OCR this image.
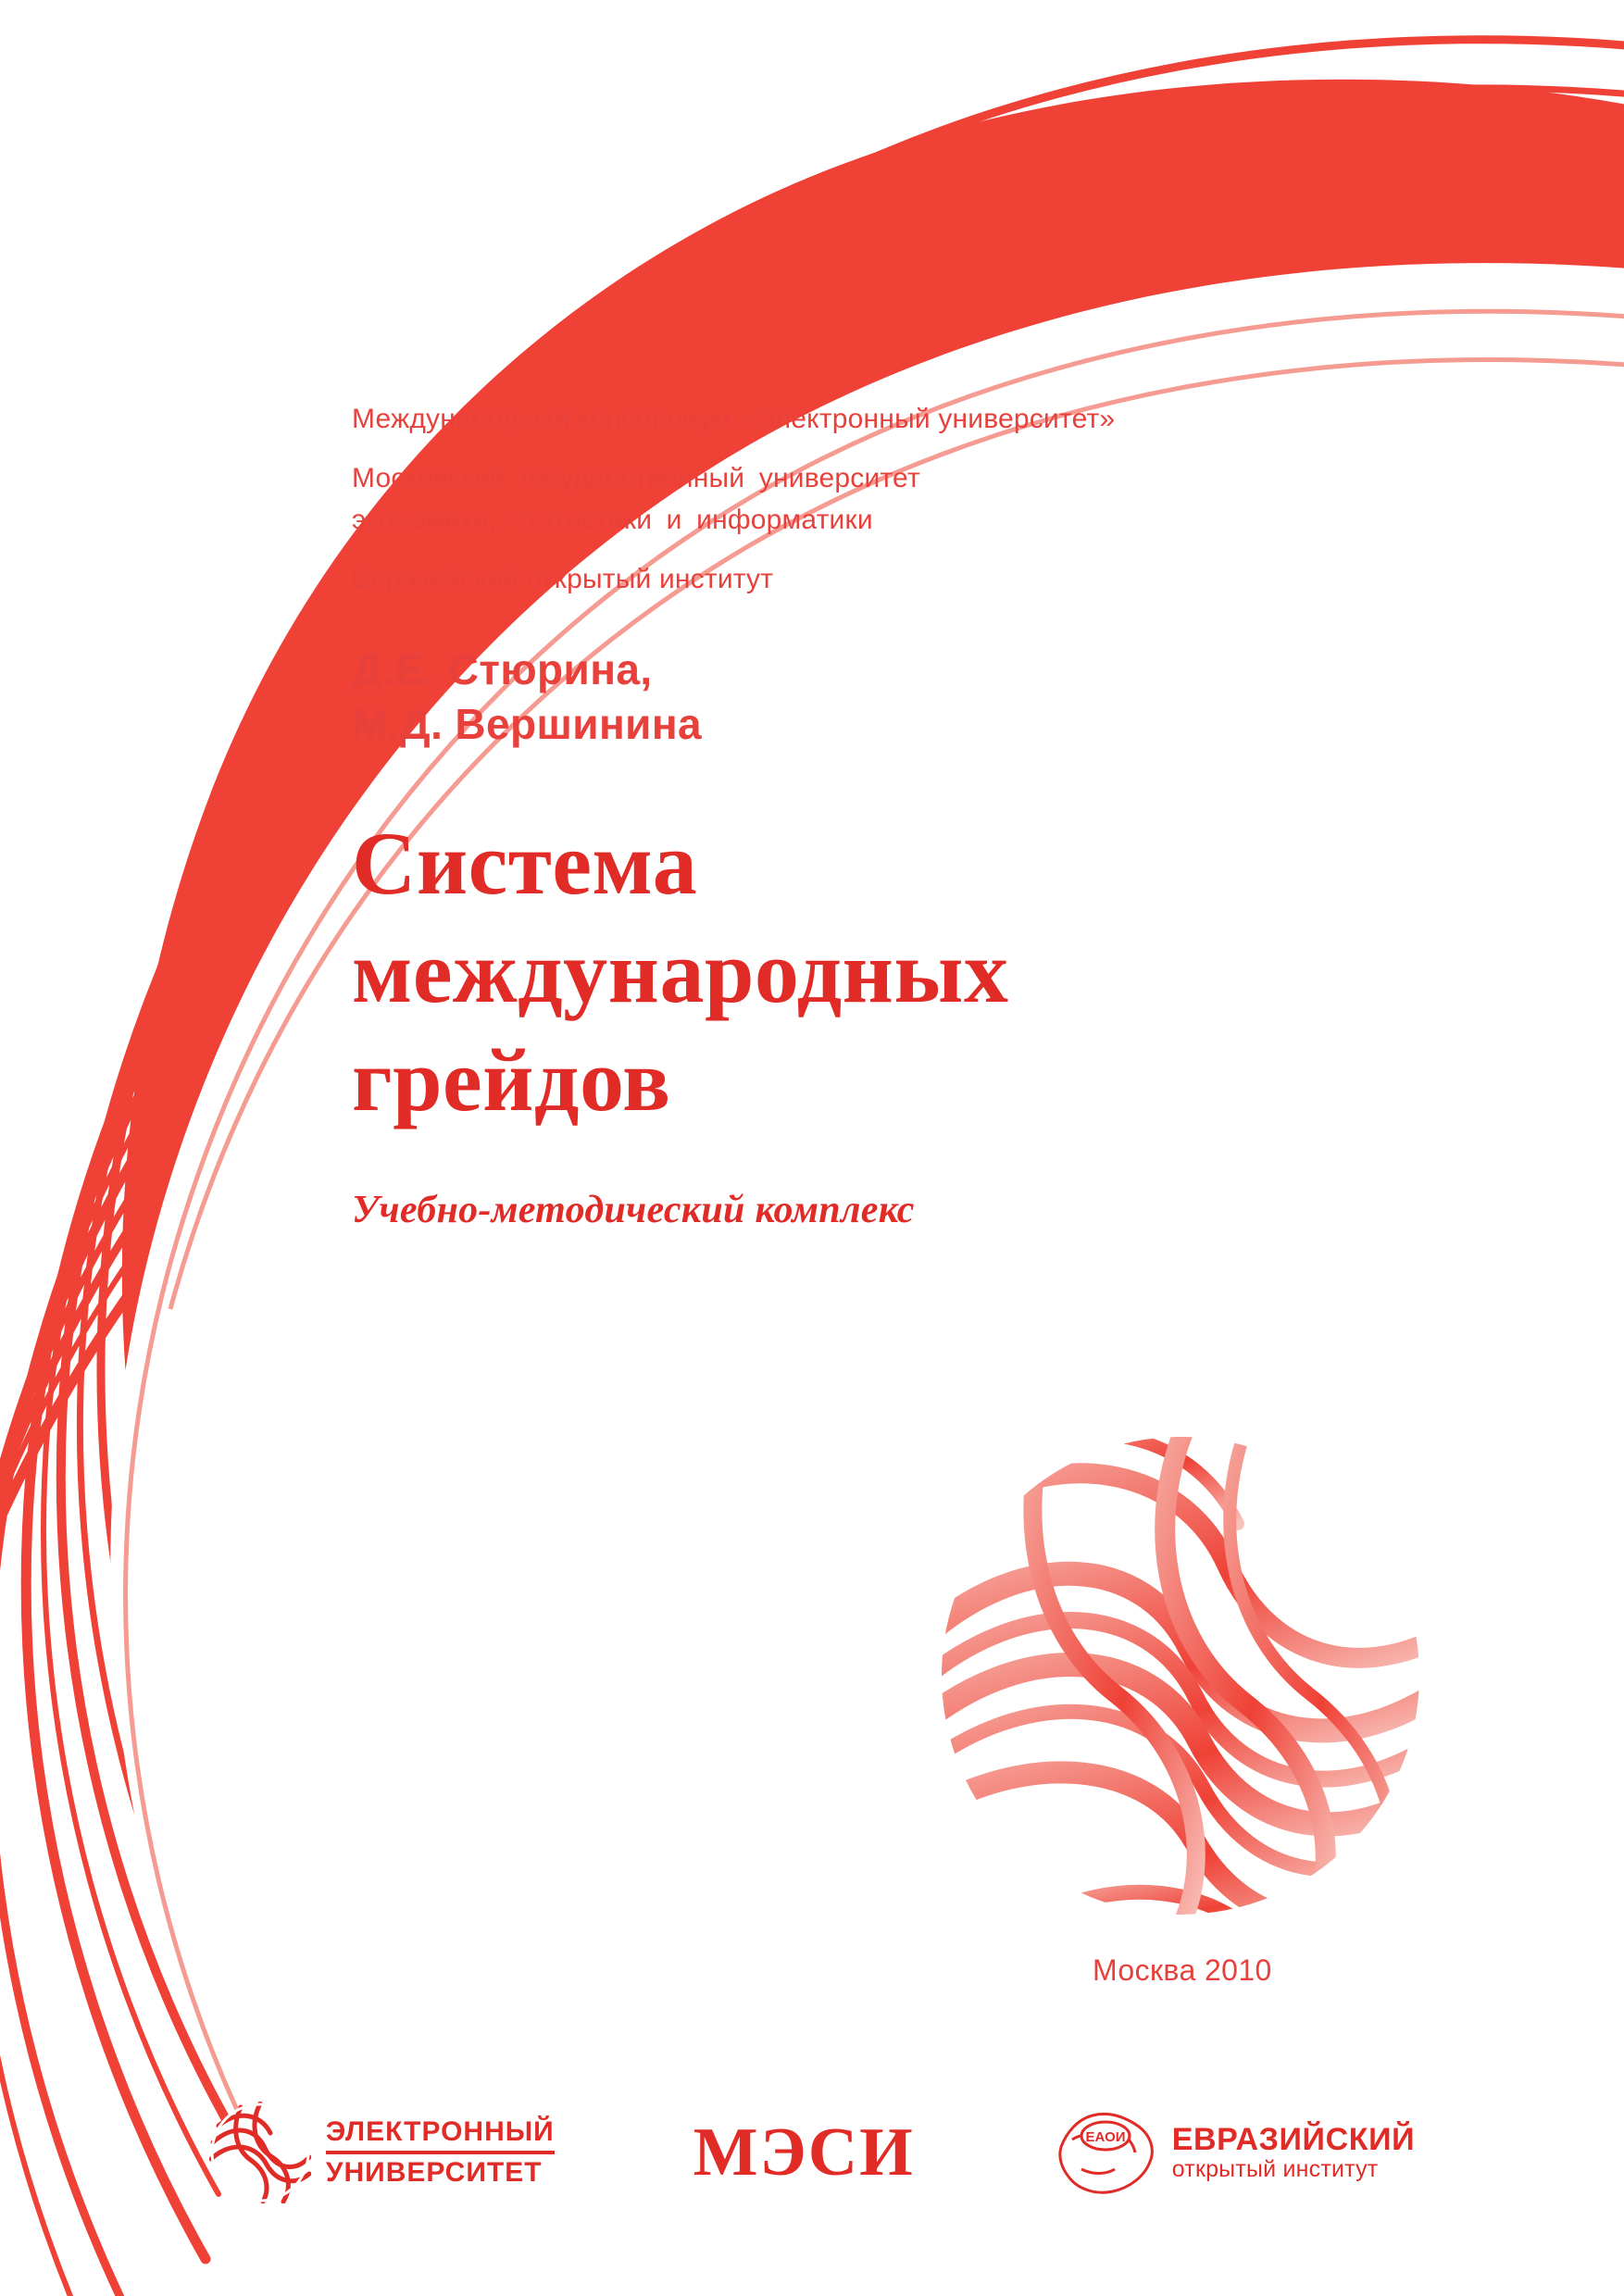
Международный консорциум «Электронный университет»
Московский государственный университет
экономики, статистики и информатики
Евразийский открытый институт
Д.Е. Стюрина,
М.Д. Вершинина
Система
международных
грейдов
Учебно-методический комплекс
Москва 2010
ЭЛЕКТРОННЫЙ
УНИВЕРСИТЕТ МЭСИ	ЕАОИ ЕВРАЗИЙСКИЙ
открытый институт
